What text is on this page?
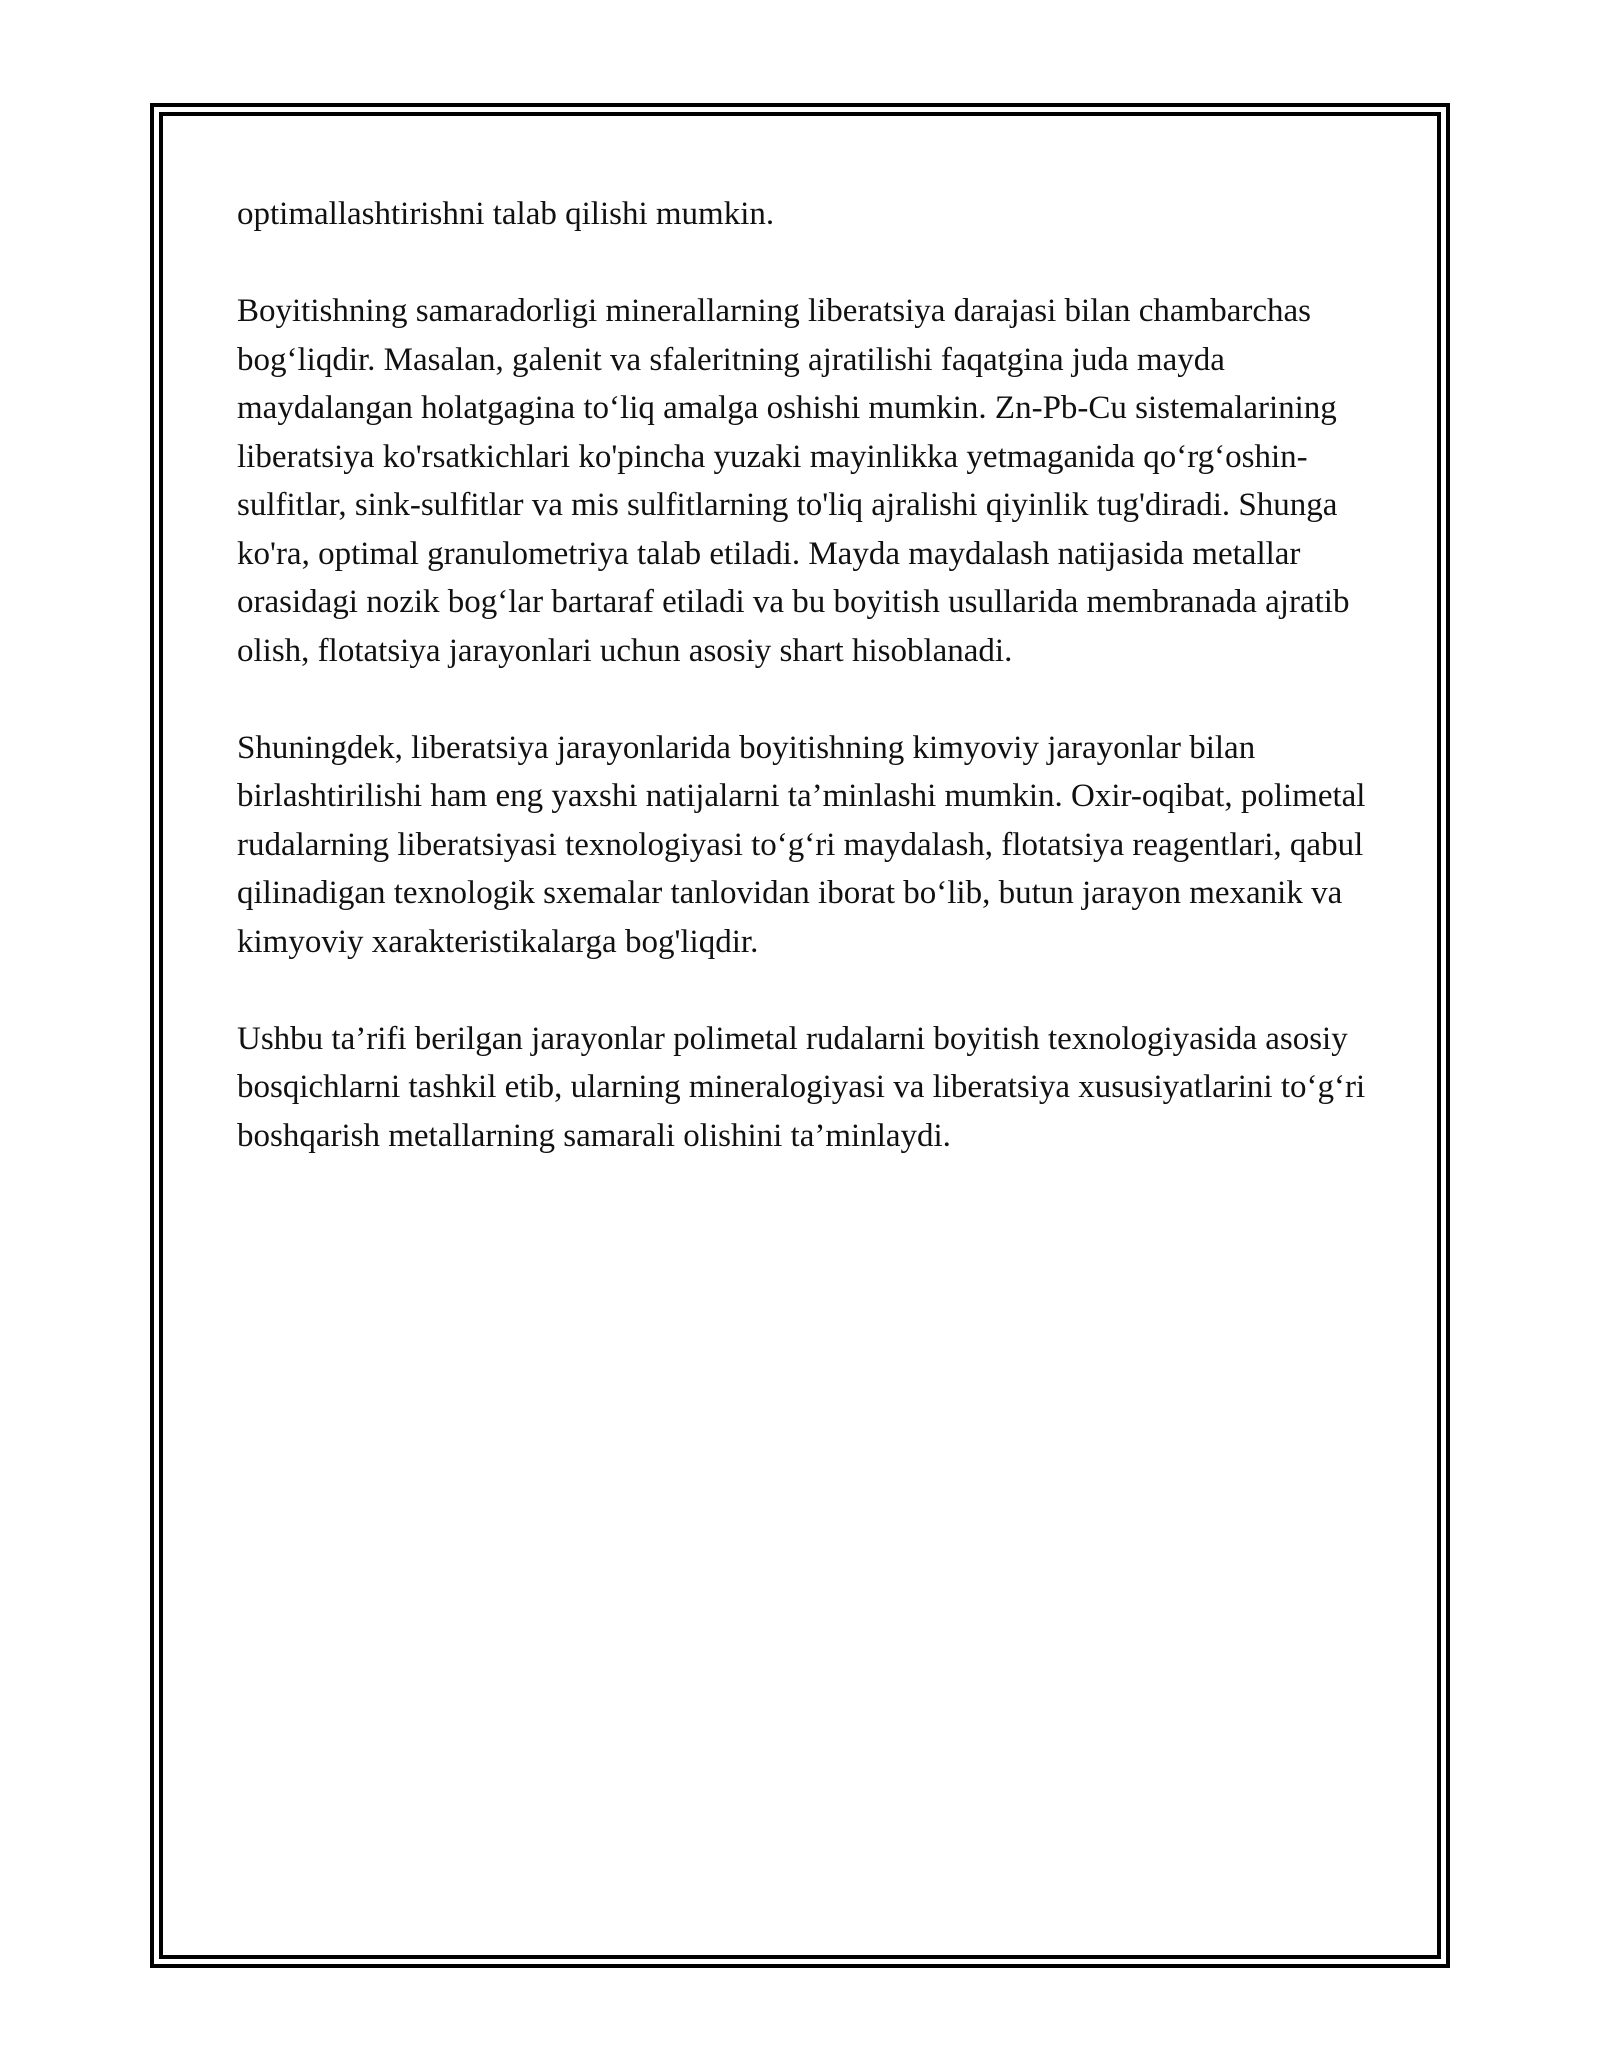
optimallashtirishni talab qilishi mumkin.

Boyitishning samaradorligi minerallarning liberatsiya darajasi bilan chambarchas bog‘liqdir. Masalan, galenit va sfaleritning ajratilishi faqatgina juda mayda maydalangan holatgagina to‘liq amalga oshishi mumkin. Zn-Pb-Cu sistemalarining liberatsiya ko'rsatkichlari ko'pincha yuzaki mayinlikka yetmaganida qo‘rg‘oshin-sulfitlar, sink-sulfitlar va mis sulfitlarning to'liq ajralishi qiyinlik tug'diradi. Shunga ko'ra, optimal granulometriya talab etiladi. Mayda maydalash natijasida metallar orasidagi nozik bog‘lar bartaraf etiladi va bu boyitish usullarida membranada ajratib olish, flotatsiya jarayonlari uchun asosiy shart hisoblanadi.

Shuningdek, liberatsiya jarayonlarida boyitishning kimyoviy jarayonlar bilan birlashtirilishi ham eng yaxshi natijalarni ta’minlashi mumkin. Oxir-oqibat, polimetal rudalarning liberatsiyasi texnologiyasi to‘g‘ri maydalash, flotatsiya reagentlari, qabul qilinadigan texnologik sxemalar tanlovidan iborat bo‘lib, butun jarayon mexanik va kimyoviy xarakteristikalarga bog'liqdir.

Ushbu ta’rifi berilgan jarayonlar polimetal rudalarni boyitish texnologiyasida asosiy bosqichlarni tashkil etib, ularning mineralogiyasi va liberatsiya xususiyatlarini to‘g‘ri boshqarish metallarning samarali olishini ta’minlaydi.
